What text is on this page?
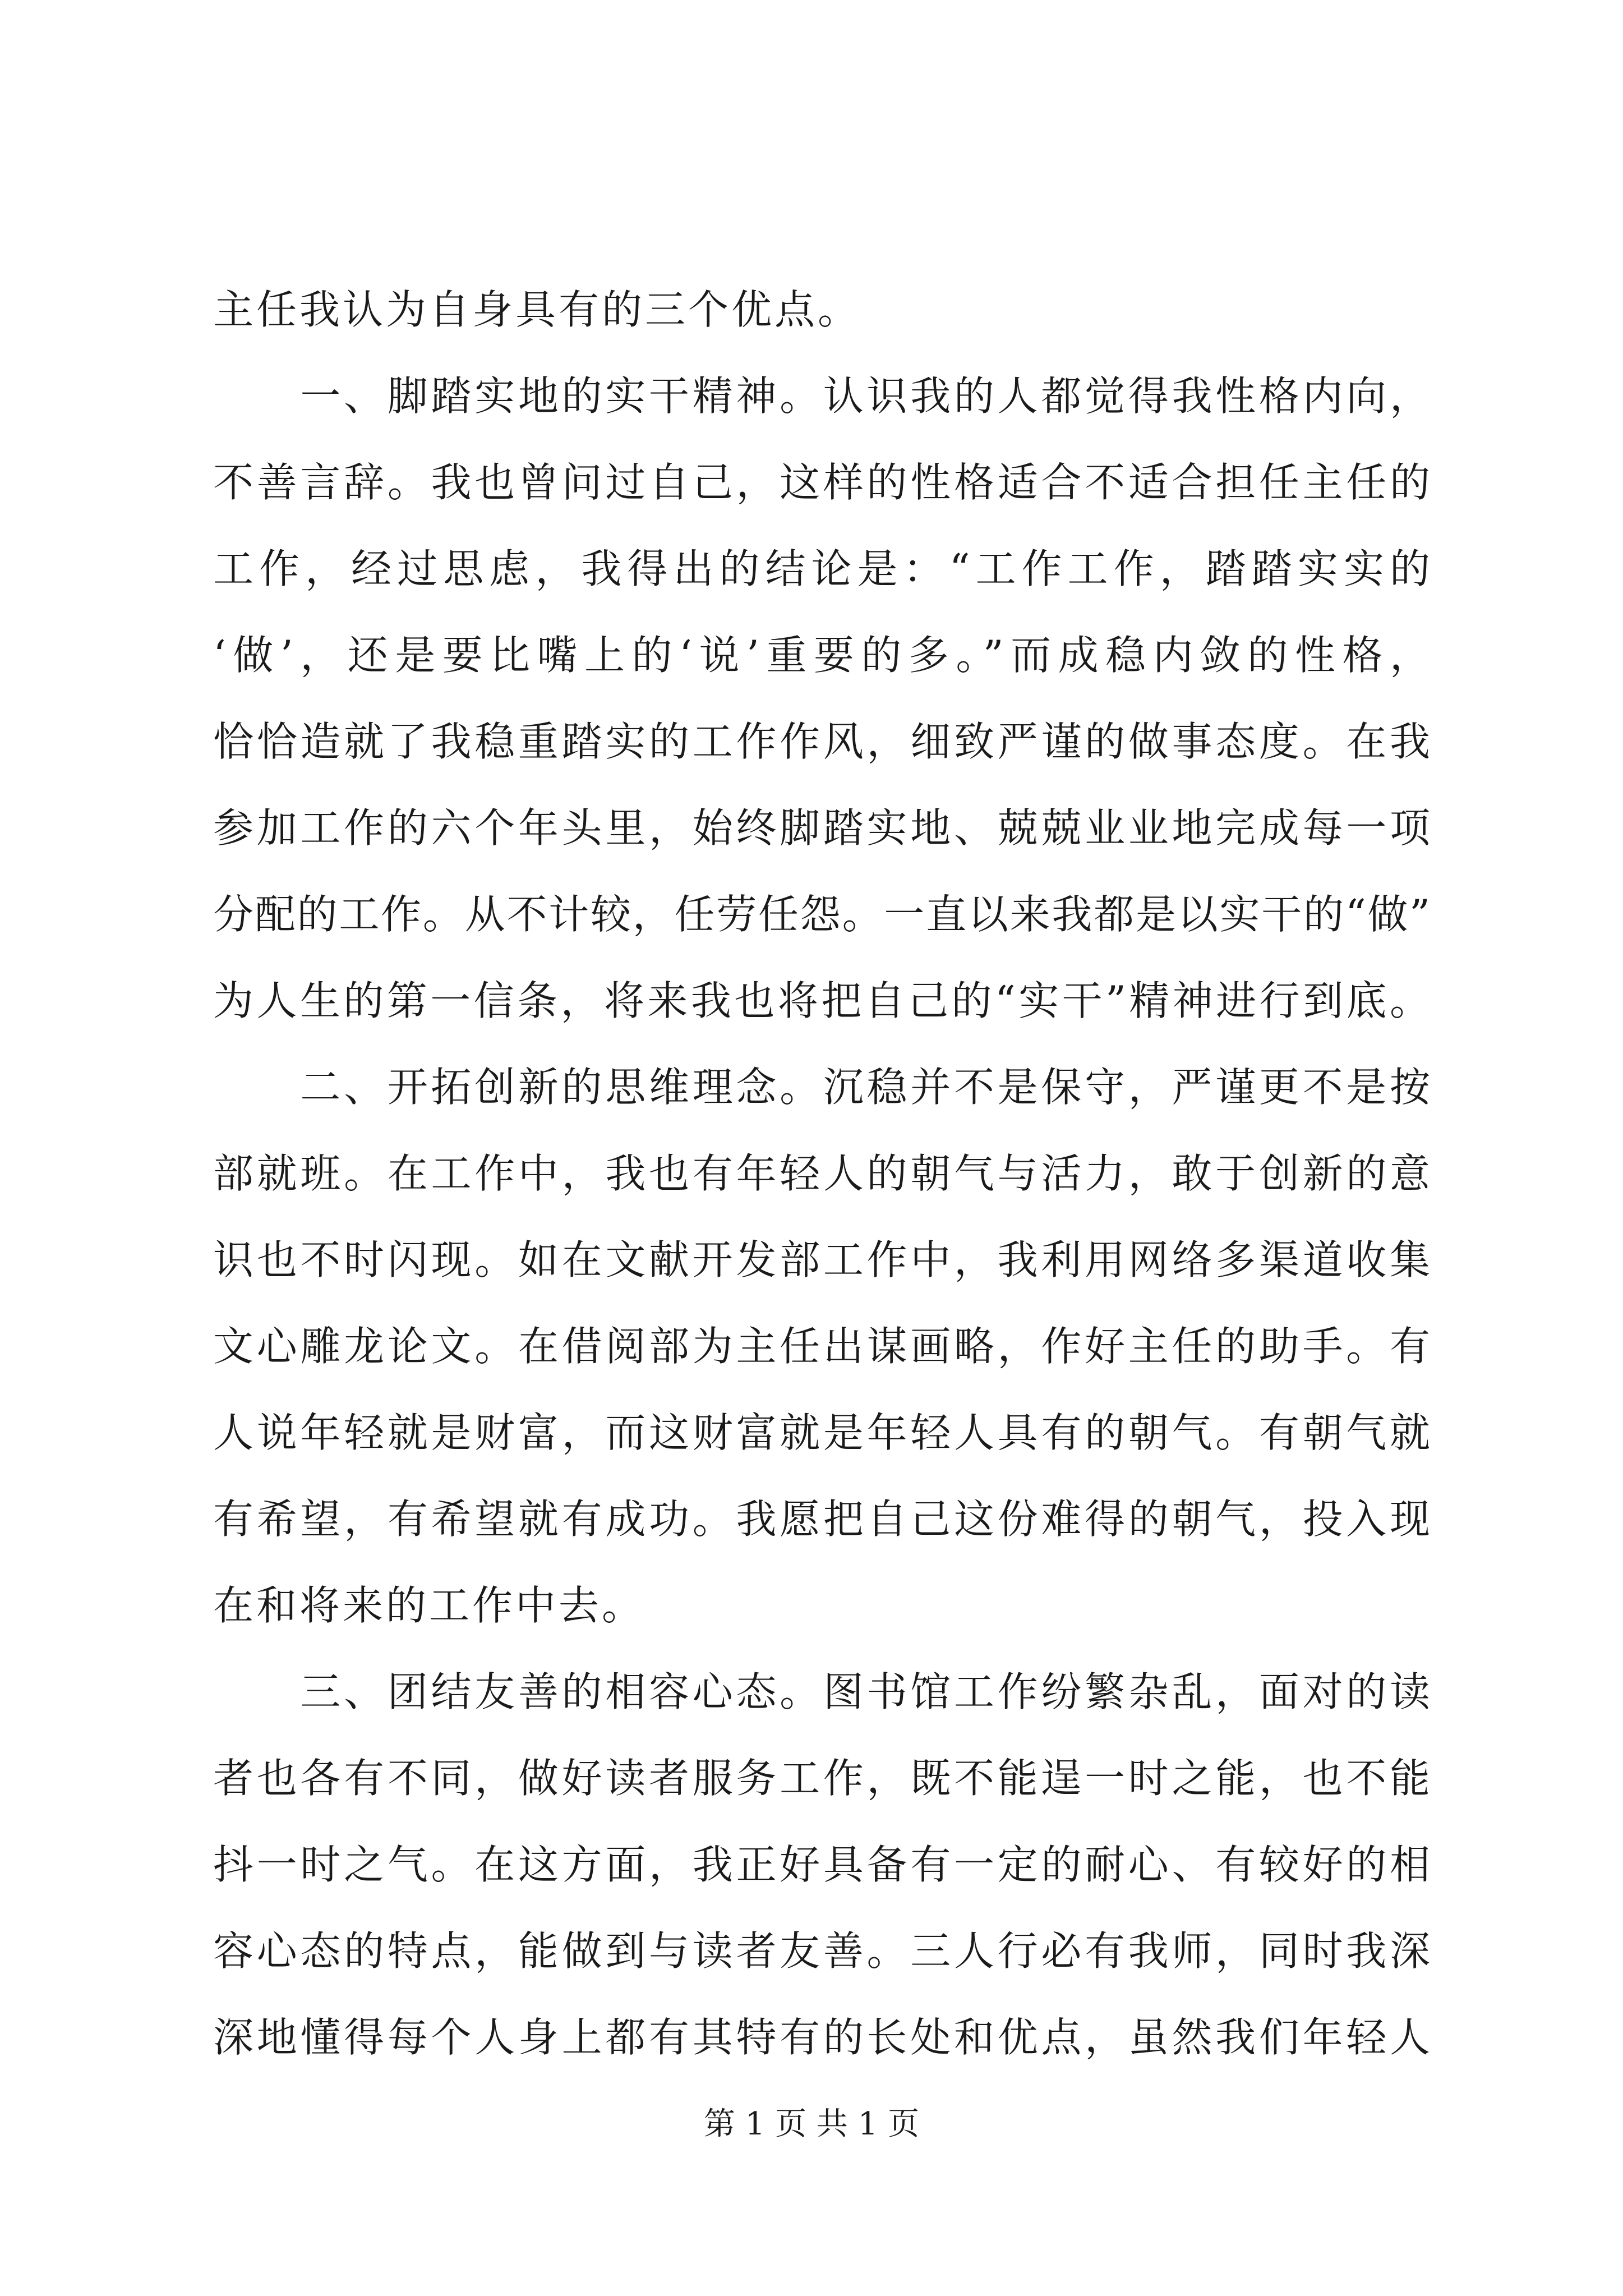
主任我认为自身具有的三个优点。
　　一、脚踏实地的实干精神。认识我的人都觉得我性格内向，
不善言辞。我也曾问过自己，这样的性格适合不适合担任主任的
工作，经过思虑，我得出的结论是：“工作工作，踏踏实实的
‘做’，还是要比嘴上的‘说’重要的多。”而成稳内敛的性格，
恰恰造就了我稳重踏实的工作作风，细致严谨的做事态度。在我
参加工作的六个年头里，始终脚踏实地、兢兢业业地完成每一项
分配的工作。从不计较，任劳任怨。一直以来我都是以实干的“做”
为人生的第一信条，将来我也将把自己的“实干”精神进行到底。
　　二、开拓创新的思维理念。沉稳并不是保守，严谨更不是按
部就班。在工作中，我也有年轻人的朝气与活力，敢于创新的意
识也不时闪现。如在文献开发部工作中，我利用网络多渠道收集
文心雕龙论文。在借阅部为主任出谋画略，作好主任的助手。有
人说年轻就是财富，而这财富就是年轻人具有的朝气。有朝气就
有希望，有希望就有成功。我愿把自己这份难得的朝气，投入现
在和将来的工作中去。
　　三、团结友善的相容心态。图书馆工作纷繁杂乱，面对的读
者也各有不同，做好读者服务工作，既不能逞一时之能，也不能
抖一时之气。在这方面，我正好具备有一定的耐心、有较好的相
容心态的特点，能做到与读者友善。三人行必有我师，同时我深
深地懂得每个人身上都有其特有的长处和优点，虽然我们年轻人
第 1 页 共 1 页
